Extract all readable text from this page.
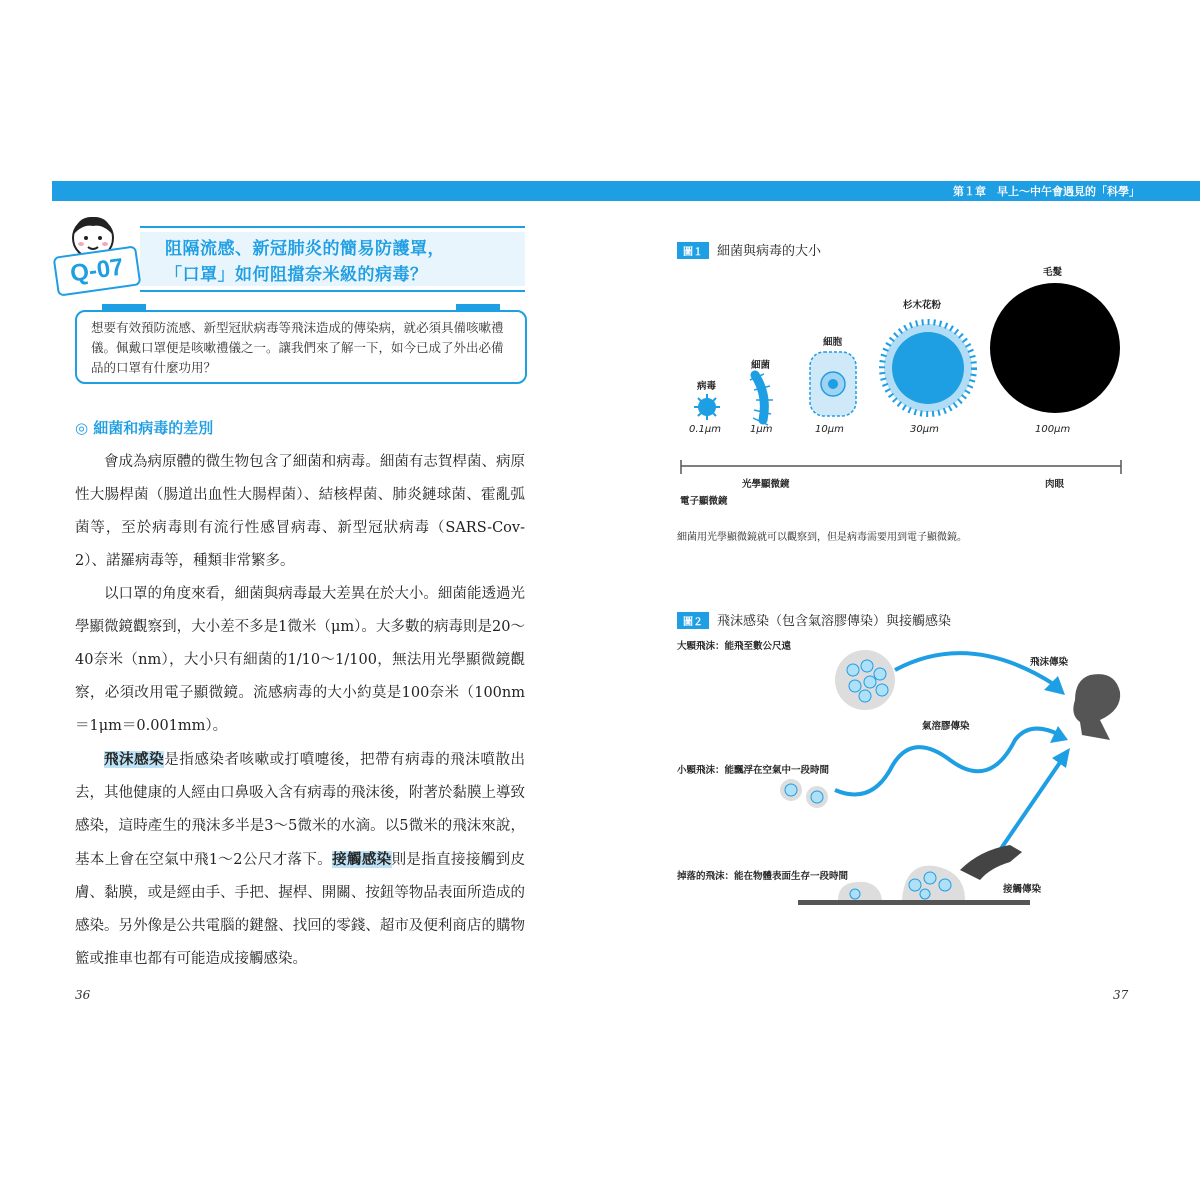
第１章　早上～中午會遇見的「科學」
Q-07
阻隔流感、新冠肺炎的簡易防護罩，
「口罩」如何阻擋奈米級的病毒？

想要有效預防流感、新型冠狀病毒等飛沫造成的傳染病，就必須具備咳嗽禮儀。佩戴口罩便是咳嗽禮儀之一。讓我們來了解一下，如今已成了外出必備品的口罩有什麼功用？

◎ 細菌和病毒的差別

會成為病原體的微生物包含了細菌和病毒。細菌有志賀桿菌、病原性大腸桿菌（腸道出血性大腸桿菌）、結核桿菌、肺炎鏈球菌、霍亂弧菌等，至於病毒則有流行性感冒病毒、新型冠狀病毒（SARS-Cov-2）、諾羅病毒等，種類非常繁多。

以口罩的角度來看，細菌與病毒最大差異在於大小。細菌能透過光學顯微鏡觀察到，大小差不多是1微米（μm）。大多數的病毒則是20～40奈米（nm），大小只有細菌的1/10～1/100，無法用光學顯微鏡觀察，必須改用電子顯微鏡。流感病毒的大小約莫是100奈米（100nm＝1μm＝0.001mm）。

飛沫感染是指感染者咳嗽或打噴嚏後，把帶有病毒的飛沫噴散出去，其他健康的人經由口鼻吸入含有病毒的飛沫後，附著於黏膜上導致感染，這時產生的飛沫多半是3～5微米的水滴。以5微米的飛沫來說，基本上會在空氣中飛1～2公尺才落下。接觸感染則是指直接接觸到皮膚、黏膜，或是經由手、手把、握桿、開關、按鈕等物品表面所造成的感染。另外像是公共電腦的鍵盤、找回的零錢、超市及便利商店的購物籃或推車也都有可能造成接觸感染。

36	37
圖１ 細菌與病毒的大小
病毒
細菌
細胞
杉木花粉
毛髮
0.1μm	1μm	10μm	30μm	100μm
光學顯微鏡
電子顯微鏡
肉眼
細菌用光學顯微鏡就可以觀察到，但是病毒需要用到電子顯微鏡。
圖２ 飛沫感染（包含氣溶膠傳染）與接觸感染
大顆飛沫：能飛至數公尺遠
飛沫傳染
氣溶膠傳染
小顆飛沫：能飄浮在空氣中一段時間
掉落的飛沫：能在物體表面生存一段時間
接觸傳染
